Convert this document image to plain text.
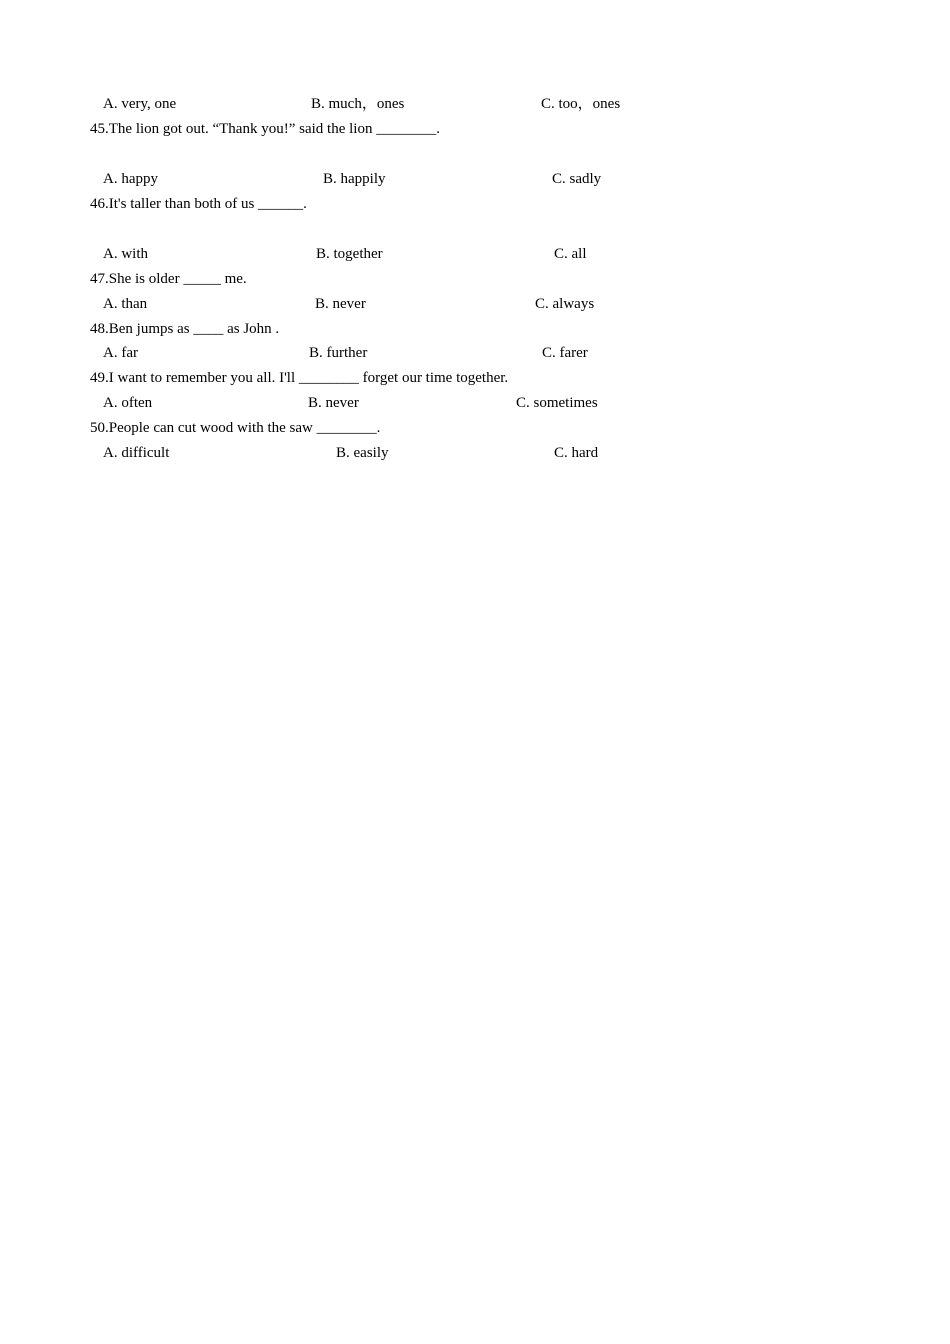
A. very, one	B. much，ones	C. too，ones
45.The lion got out. “Thank you!” said the lion ________.
A. happy	B. happily	C. sadly
46.It's taller than both of us ______.
A. with	B. together	C. all
47.She is older _____ me.
A. than	B. never	C. always
48.Ben jumps as ____ as John .
A. far	B. further	C. farer
49.I want to remember you all. I'll ________ forget our time together.
A. often	B. never	C. sometimes
50.People can cut wood with the saw ________.
A. difficult	B. easily	C. hard
